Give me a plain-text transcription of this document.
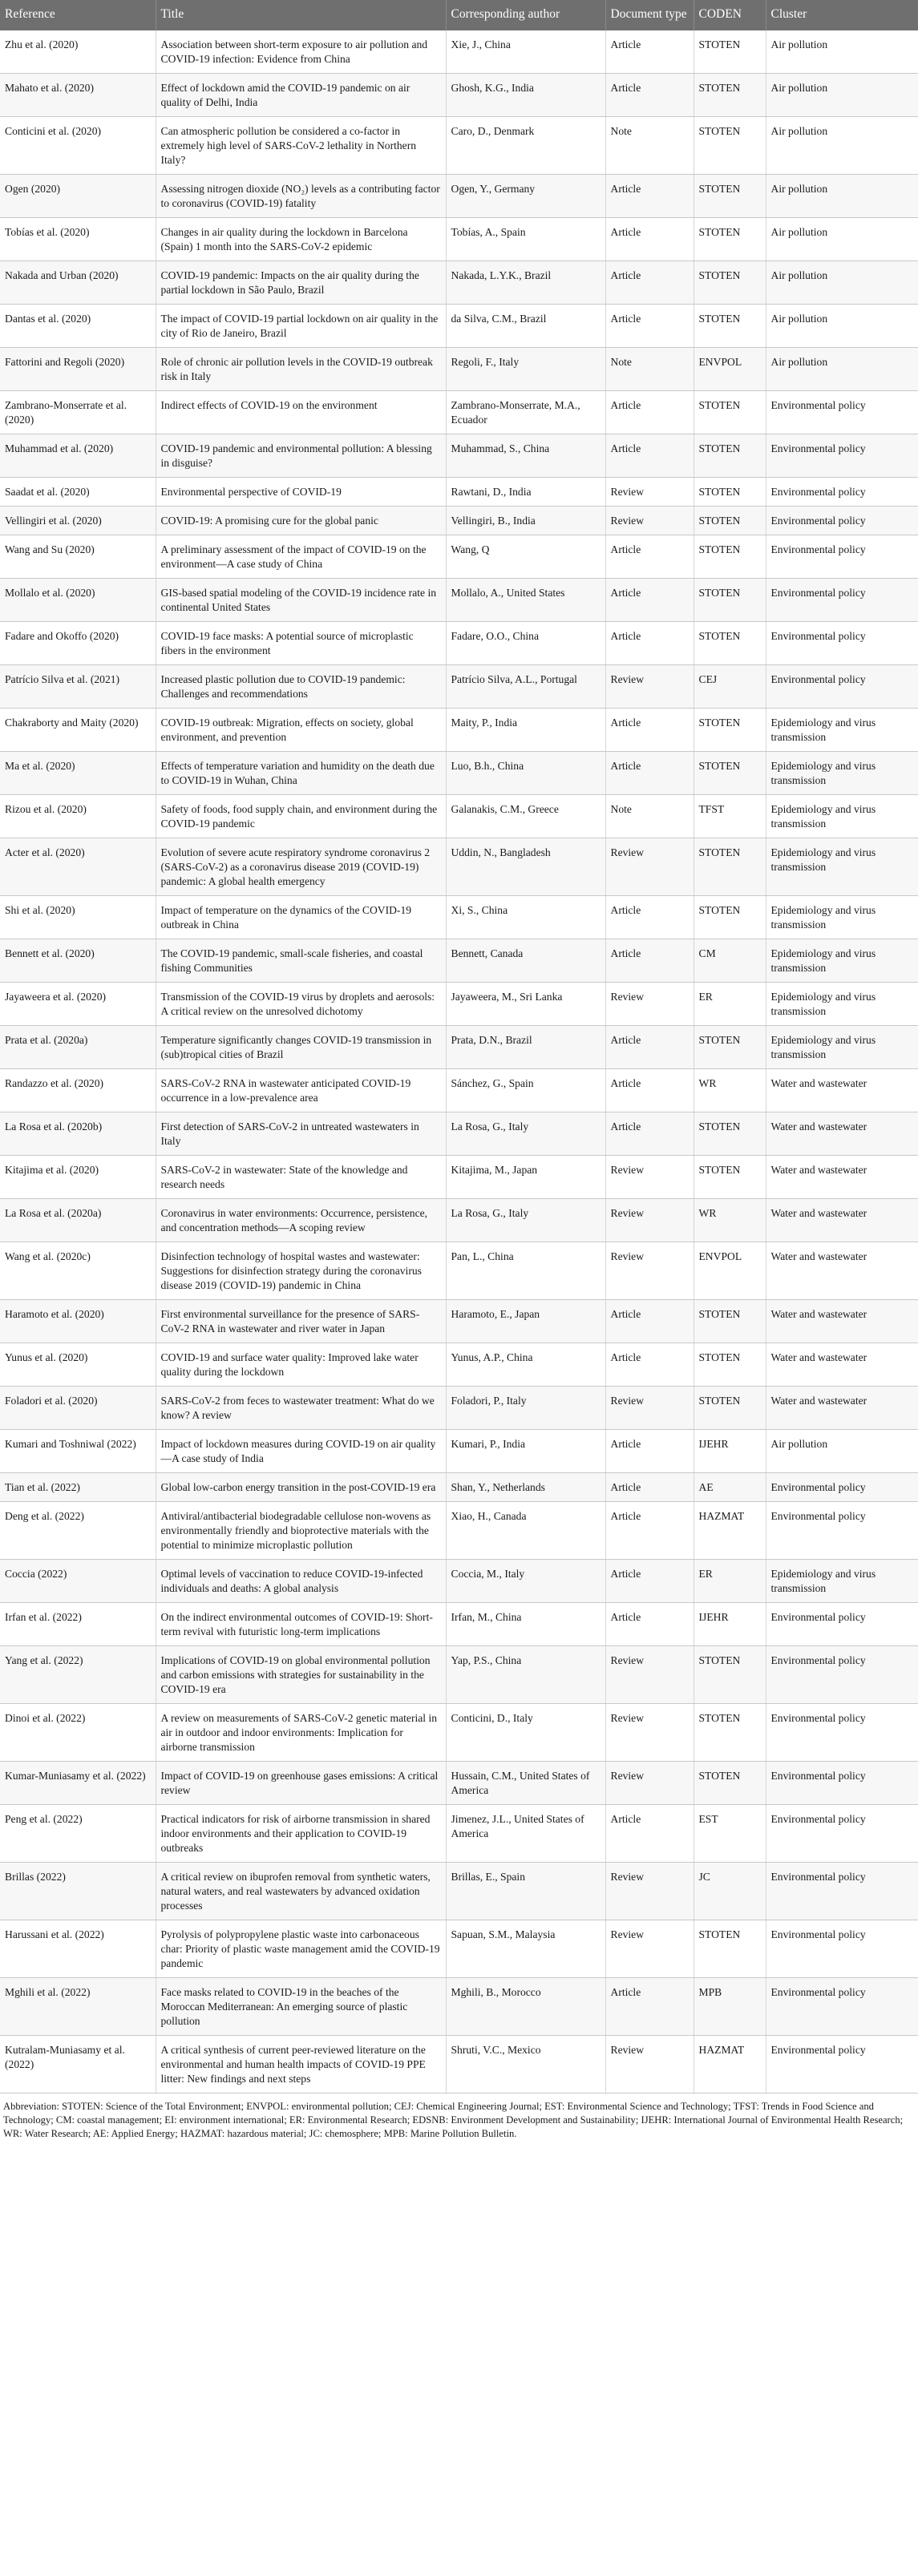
Reference	Title	Corresponding author	Document type	CODEN	Cluster
Zhu et al. (2020)	Association between short-term exposure to air pollution and COVID-19 infection: Evidence from China	Xie, J., China	Article	STOTEN	Air pollution
Mahato et al. (2020)	Effect of lockdown amid the COVID-19 pandemic on air quality of Delhi, India	Ghosh, K.G., India	Article	STOTEN	Air pollution
Conticini et al. (2020)	Can atmospheric pollution be considered a co-factor in extremely high level of SARS-CoV-2 lethality in Northern Italy?	Caro, D., Denmark	Note	STOTEN	Air pollution
Ogen (2020)	Assessing nitrogen dioxide (NO₂) levels as a contributing factor to coronavirus (COVID-19) fatality	Ogen, Y., Germany	Article	STOTEN	Air pollution
Tobías et al. (2020)	Changes in air quality during the lockdown in Barcelona (Spain) 1 month into the SARS-CoV-2 epidemic	Tobías, A., Spain	Article	STOTEN	Air pollution
Nakada and Urban (2020)	COVID-19 pandemic: Impacts on the air quality during the partial lockdown in São Paulo, Brazil	Nakada, L.Y.K., Brazil	Article	STOTEN	Air pollution
Dantas et al. (2020)	The impact of COVID-19 partial lockdown on air quality in the city of Rio de Janeiro, Brazil	da Silva, C.M., Brazil	Article	STOTEN	Air pollution
Fattorini and Regoli (2020)	Role of chronic air pollution levels in the COVID-19 outbreak risk in Italy	Regoli, F., Italy	Note	ENVPOL	Air pollution
Zambrano-Monserrate et al. (2020)	Indirect effects of COVID-19 on the environment	Zambrano-Monserrate, M.A., Ecuador	Article	STOTEN	Environmental policy
Muhammad et al. (2020)	COVID-19 pandemic and environmental pollution: A blessing in disguise?	Muhammad, S., China	Article	STOTEN	Environmental policy
Saadat et al. (2020)	Environmental perspective of COVID-19	Rawtani, D., India	Review	STOTEN	Environmental policy
Vellingiri et al. (2020)	COVID-19: A promising cure for the global panic	Vellingiri, B., India	Review	STOTEN	Environmental policy
Wang and Su (2020)	A preliminary assessment of the impact of COVID-19 on the environment—A case study of China	Wang, Q	Article	STOTEN	Environmental policy
Mollalo et al. (2020)	GIS-based spatial modeling of the COVID-19 incidence rate in continental United States	Mollalo, A., United States	Article	STOTEN	Environmental policy
Fadare and Okoffo (2020)	COVID-19 face masks: A potential source of microplastic fibers in the environment	Fadare, O.O., China	Article	STOTEN	Environmental policy
Patrício Silva et al. (2021)	Increased plastic pollution due to COVID-19 pandemic: Challenges and recommendations	Patrício Silva, A.L., Portugal	Review	CEJ	Environmental policy
Chakraborty and Maity (2020)	COVID-19 outbreak: Migration, effects on society, global environment, and prevention	Maity, P., India	Article	STOTEN	Epidemiology and virus transmission
Ma et al. (2020)	Effects of temperature variation and humidity on the death due to COVID-19 in Wuhan, China	Luo, B.h., China	Article	STOTEN	Epidemiology and virus transmission
Rizou et al. (2020)	Safety of foods, food supply chain, and environment during the COVID-19 pandemic	Galanakis, C.M., Greece	Note	TFST	Epidemiology and virus transmission
Acter et al. (2020)	Evolution of severe acute respiratory syndrome coronavirus 2 (SARS-CoV-2) as a coronavirus disease 2019 (COVID-19) pandemic: A global health emergency	Uddin, N., Bangladesh	Review	STOTEN	Epidemiology and virus transmission
Shi et al. (2020)	Impact of temperature on the dynamics of the COVID-19 outbreak in China	Xi, S., China	Article	STOTEN	Epidemiology and virus transmission
Bennett et al. (2020)	The COVID-19 pandemic, small-scale fisheries, and coastal fishing Communities	Bennett, Canada	Article	CM	Epidemiology and virus transmission
Jayaweera et al. (2020)	Transmission of the COVID-19 virus by droplets and aerosols: A critical review on the unresolved dichotomy	Jayaweera, M., Sri Lanka	Review	ER	Epidemiology and virus transmission
Prata et al. (2020a)	Temperature significantly changes COVID-19 transmission in (sub)tropical cities of Brazil	Prata, D.N., Brazil	Article	STOTEN	Epidemiology and virus transmission
Randazzo et al. (2020)	SARS-CoV-2 RNA in wastewater anticipated COVID-19 occurrence in a low-prevalence area	Sánchez, G., Spain	Article	WR	Water and wastewater
La Rosa et al. (2020b)	First detection of SARS-CoV-2 in untreated wastewaters in Italy	La Rosa, G., Italy	Article	STOTEN	Water and wastewater
Kitajima et al. (2020)	SARS-CoV-2 in wastewater: State of the knowledge and research needs	Kitajima, M., Japan	Review	STOTEN	Water and wastewater
La Rosa et al. (2020a)	Coronavirus in water environments: Occurrence, persistence, and concentration methods—A scoping review	La Rosa, G., Italy	Review	WR	Water and wastewater
Wang et al. (2020c)	Disinfection technology of hospital wastes and wastewater: Suggestions for disinfection strategy during the coronavirus disease 2019 (COVID-19) pandemic in China	Pan, L., China	Review	ENVPOL	Water and wastewater
Haramoto et al. (2020)	First environmental surveillance for the presence of SARS-CoV-2 RNA in wastewater and river water in Japan	Haramoto, E., Japan	Article	STOTEN	Water and wastewater
Yunus et al. (2020)	COVID-19 and surface water quality: Improved lake water quality during the lockdown	Yunus, A.P., China	Article	STOTEN	Water and wastewater
Foladori et al. (2020)	SARS-CoV-2 from feces to wastewater treatment: What do we know? A review	Foladori, P., Italy	Review	STOTEN	Water and wastewater
Kumari and Toshniwal (2022)	Impact of lockdown measures during COVID-19 on air quality—A case study of India	Kumari, P., India	Article	IJEHR	Air pollution
Tian et al. (2022)	Global low-carbon energy transition in the post-COVID-19 era	Shan, Y., Netherlands	Article	AE	Environmental policy
Deng et al. (2022)	Antiviral/antibacterial biodegradable cellulose non-wovens as environmentally friendly and bioprotective materials with the potential to minimize microplastic pollution	Xiao, H., Canada	Article	HAZMAT	Environmental policy
Coccia (2022)	Optimal levels of vaccination to reduce COVID-19-infected individuals and deaths: A global analysis	Coccia, M., Italy	Article	ER	Epidemiology and virus transmission
Irfan et al. (2022)	On the indirect environmental outcomes of COVID-19: Short-term revival with futuristic long-term implications	Irfan, M., China	Article	IJEHR	Environmental policy
Yang et al. (2022)	Implications of COVID-19 on global environmental pollution and carbon emissions with strategies for sustainability in the COVID-19 era	Yap, P.S., China	Review	STOTEN	Environmental policy
Dinoi et al. (2022)	A review on measurements of SARS-CoV-2 genetic material in air in outdoor and indoor environments: Implication for airborne transmission	Conticini, D., Italy	Review	STOTEN	Environmental policy
Kumar-Muniasamy et al. (2022)	Impact of COVID-19 on greenhouse gases emissions: A critical review	Hussain, C.M., United States of America	Review	STOTEN	Environmental policy
Peng et al. (2022)	Practical indicators for risk of airborne transmission in shared indoor environments and their application to COVID-19 outbreaks	Jimenez, J.L., United States of America	Article	EST	Environmental policy
Brillas (2022)	A critical review on ibuprofen removal from synthetic waters, natural waters, and real wastewaters by advanced oxidation processes	Brillas, E., Spain	Review	JC	Environmental policy
Harussani et al. (2022)	Pyrolysis of polypropylene plastic waste into carbonaceous char: Priority of plastic waste management amid the COVID-19 pandemic	Sapuan, S.M., Malaysia	Review	STOTEN	Environmental policy
Mghili et al. (2022)	Face masks related to COVID-19 in the beaches of the Moroccan Mediterranean: An emerging source of plastic pollution	Mghili, B., Morocco	Article	MPB	Environmental policy
Kutralam-Muniasamy et al. (2022)	A critical synthesis of current peer-reviewed literature on the environmental and human health impacts of COVID-19 PPE litter: New findings and next steps	Shruti, V.C., Mexico	Review	HAZMAT	Environmental policy
Abbreviation: STOTEN: Science of the Total Environment; ENVPOL: environmental pollution; CEJ: Chemical Engineering Journal; EST: Environmental Science and Technology; TFST: Trends in Food Science and Technology; CM: coastal management; EI: environment international; ER: Environmental Research; EDSNB: Environment Development and Sustainability; IJEHR: International Journal of Environmental Health Research; WR: Water Research; AE: Applied Energy; HAZMAT: hazardous material; JC: chemosphere; MPB: Marine Pollution Bulletin.
